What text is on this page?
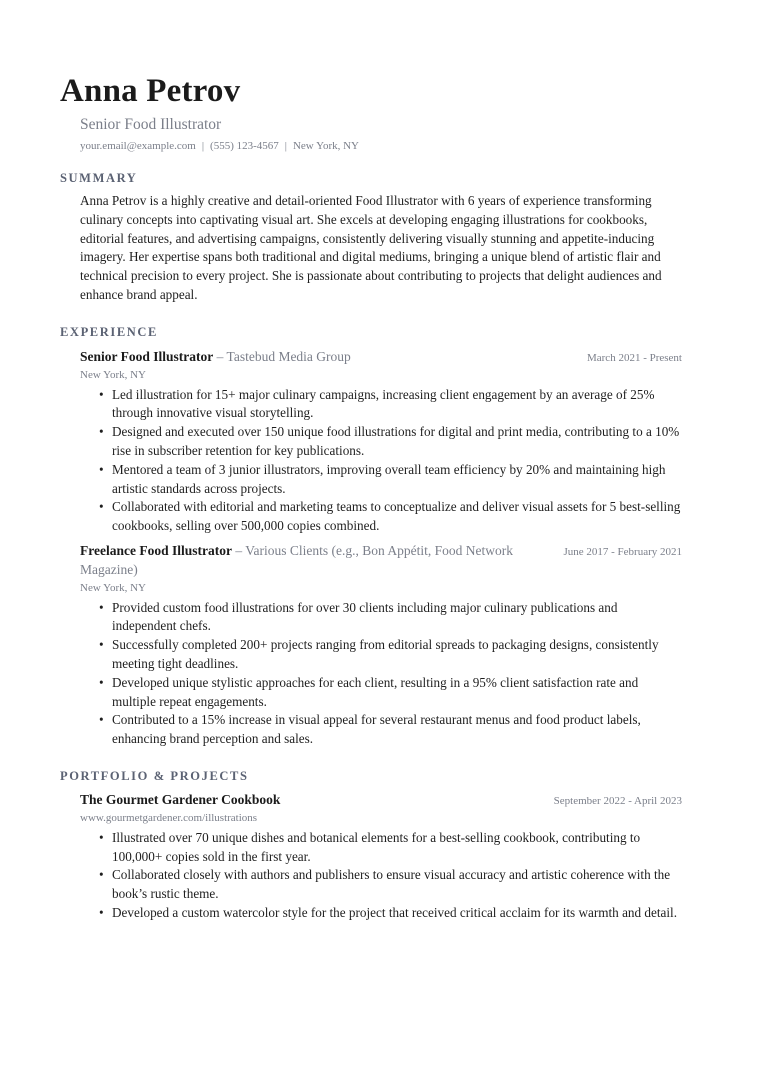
Anna Petrov
Senior Food Illustrator
your.email@example.com | (555) 123-4567 | New York, NY
SUMMARY
Anna Petrov is a highly creative and detail-oriented Food Illustrator with 6 years of experience transforming culinary concepts into captivating visual art. She excels at developing engaging illustrations for cookbooks, editorial features, and advertising campaigns, consistently delivering visually stunning and appetite-inducing imagery. Her expertise spans both traditional and digital mediums, bringing a unique blend of artistic flair and technical precision to every project. She is passionate about contributing to projects that delight audiences and enhance brand appeal.
EXPERIENCE
Senior Food Illustrator – Tastebud Media Group	March 2021 - Present
New York, NY
• Led illustration for 15+ major culinary campaigns, increasing client engagement by an average of 25% through innovative visual storytelling.
• Designed and executed over 150 unique food illustrations for digital and print media, contributing to a 10% rise in subscriber retention for key publications.
• Mentored a team of 3 junior illustrators, improving overall team efficiency by 20% and maintaining high artistic standards across projects.
• Collaborated with editorial and marketing teams to conceptualize and deliver visual assets for 5 best-selling cookbooks, selling over 500,000 copies combined.
Freelance Food Illustrator – Various Clients (e.g., Bon Appétit, Food Network Magazine)
June 2017 - February 2021
New York, NY
• Provided custom food illustrations for over 30 clients including major culinary publications and independent chefs.
• Successfully completed 200+ projects ranging from editorial spreads to packaging designs, consistently meeting tight deadlines.
• Developed unique stylistic approaches for each client, resulting in a 95% client satisfaction rate and multiple repeat engagements.
• Contributed to a 15% increase in visual appeal for several restaurant menus and food product labels, enhancing brand perception and sales.
PORTFOLIO & PROJECTS
The Gourmet Gardener Cookbook	September 2022 - April 2023
www.gourmetgardener.com/illustrations
• Illustrated over 70 unique dishes and botanical elements for a best-selling cookbook, contributing to 100,000+ copies sold in the first year.
• Collaborated closely with authors and publishers to ensure visual accuracy and artistic coherence with the book’s rustic theme.
• Developed a custom watercolor style for the project that received critical acclaim for its warmth and detail.
